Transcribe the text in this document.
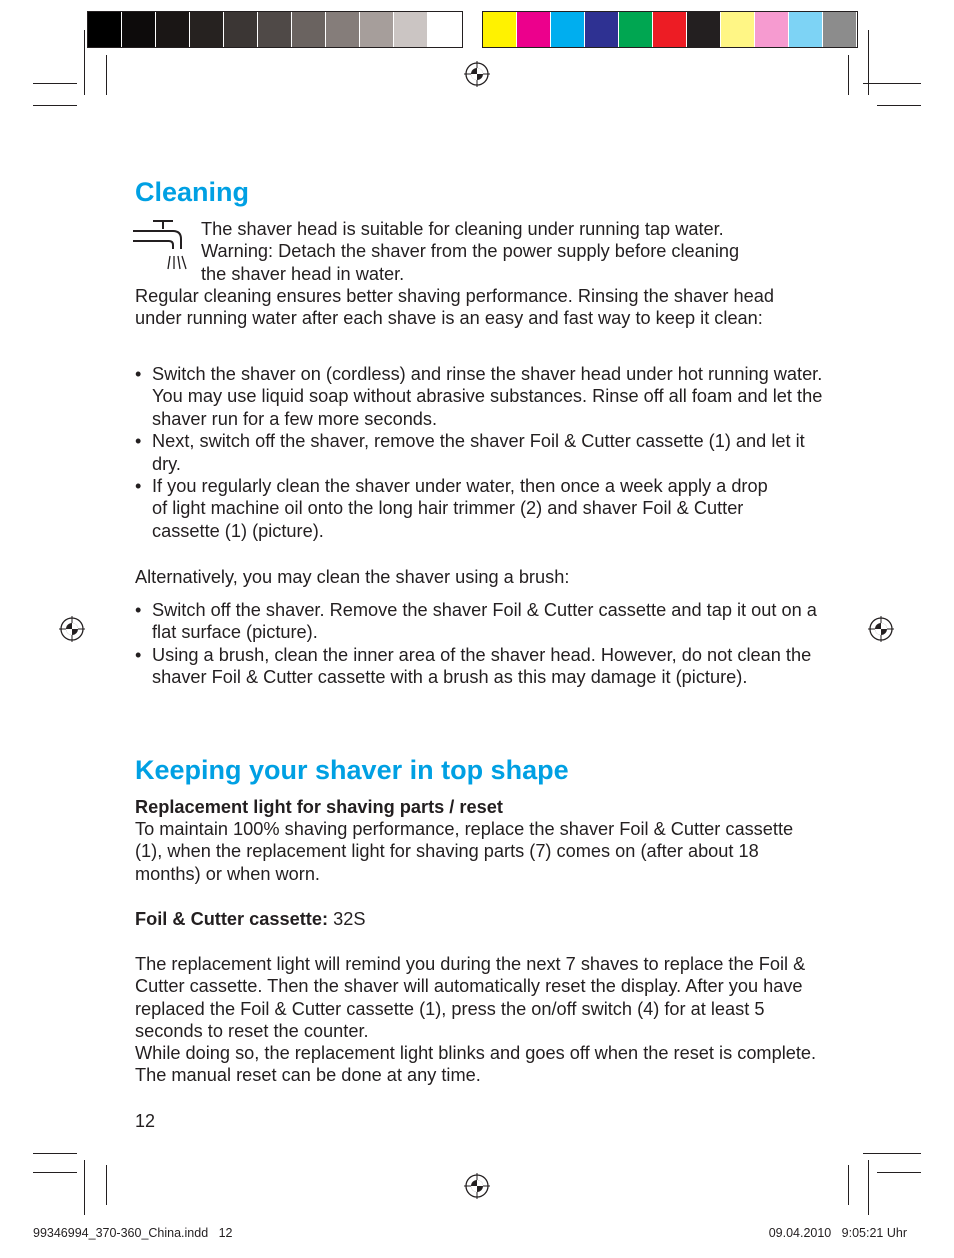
Cleaning
The shaver head is suitable for cleaning under running tap water.
Warning: Detach the shaver from the power supply before cleaning
the shaver head in water.

Regular cleaning ensures better shaving performance. Rinsing the shaver head under running water after each shave is an easy and fast way to keep it clean:

• Switch the shaver on (cordless) and rinse the shaver head under hot running water. You may use liquid soap without abrasive substances. Rinse off all foam and let the shaver run for a few more seconds.
• Next, switch off the shaver, remove the shaver Foil & Cutter cassette (1) and let it dry.
• If you regularly clean the shaver under water, then once a week apply a drop of light machine oil onto the long hair trimmer (2) and shaver Foil & Cutter cassette (1) (picture).

Alternatively, you may clean the shaver using a brush:

• Switch off the shaver. Remove the shaver Foil & Cutter cassette and tap it out on a flat surface (picture).
• Using a brush, clean the inner area of the shaver head. However, do not clean the shaver Foil & Cutter cassette with a brush as this may damage it (picture).
Keeping your shaver in top shape

Replacement light for shaving parts / reset

To maintain 100% shaving performance, replace the shaver Foil & Cutter cassette (1), when the replacement light for shaving parts (7) comes on (after about 18 months) or when worn.

Foil & Cutter cassette: 32S

The replacement light will remind you during the next 7 shaves to replace the Foil & Cutter cassette. Then the shaver will automatically reset the display. After you have replaced the Foil & Cutter cassette (1), press the on/off switch (4) for at least 5 seconds to reset the counter.

While doing so, the replacement light blinks and goes off when the reset is complete. The manual reset can be done at any time.

12
99346994_370-360_China.indd   12	09.04.2010   9:05:21 Uhr
